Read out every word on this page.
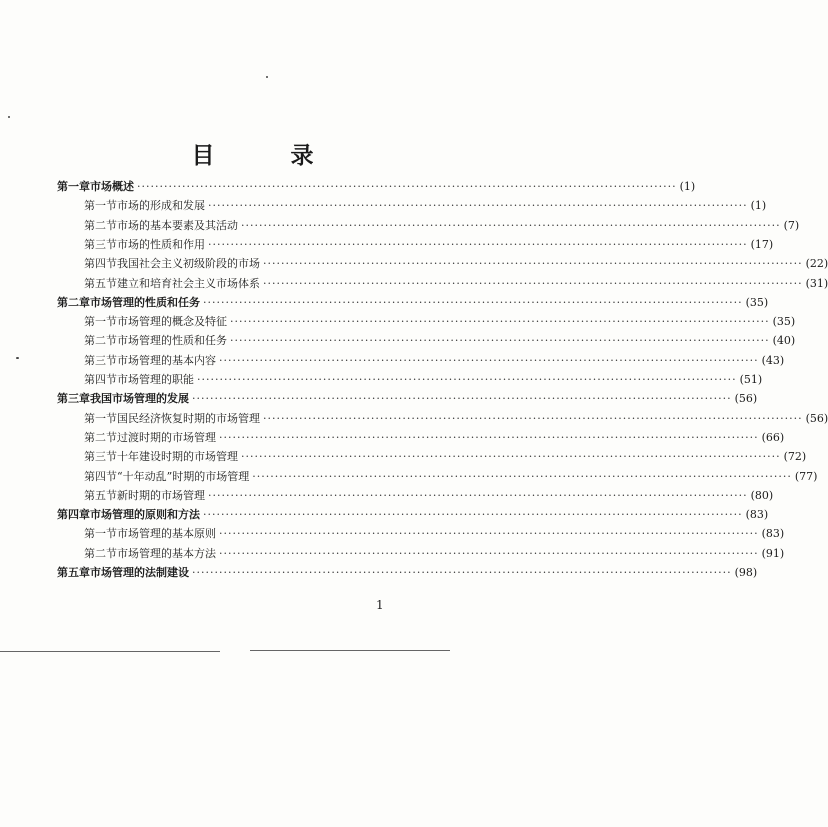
目 录
第一章 市场概述 ························································································································ (1)
第一节 市场的形成和发展 ························································································································ (1)
第二节 市场的基本要素及其活动 ························································································································ (7)
第三节 市场的性质和作用 ························································································································ (17)
第四节 我国社会主义初级阶段的市场 ························································································································ (22)
第五节 建立和培育社会主义市场体系 ························································································································ (31)
第二章 市场管理的性质和任务 ························································································································ (35)
第一节 市场管理的概念及特征 ························································································································ (35)
第二节 市场管理的性质和任务 ························································································································ (40)
第三节 市场管理的基本内容 ························································································································ (43)
第四节 市场管理的职能 ························································································································ (51)
第三章 我国市场管理的发展 ························································································································ (56)
第一节 国民经济恢复时期的市场管理 ························································································································ (56)
第二节 过渡时期的市场管理 ························································································································ (66)
第三节 十年建设时期的市场管理 ························································································································ (72)
第四节 “十年动乱”时期的市场管理 ························································································································ (77)
第五节 新时期的市场管理 ························································································································ (80)
第四章 市场管理的原则和方法 ························································································································ (83)
第一节 市场管理的基本原则 ························································································································ (83)
第二节 市场管理的基本方法 ························································································································ (91)
第五章 市场管理的法制建设 ························································································································ (98)
1
